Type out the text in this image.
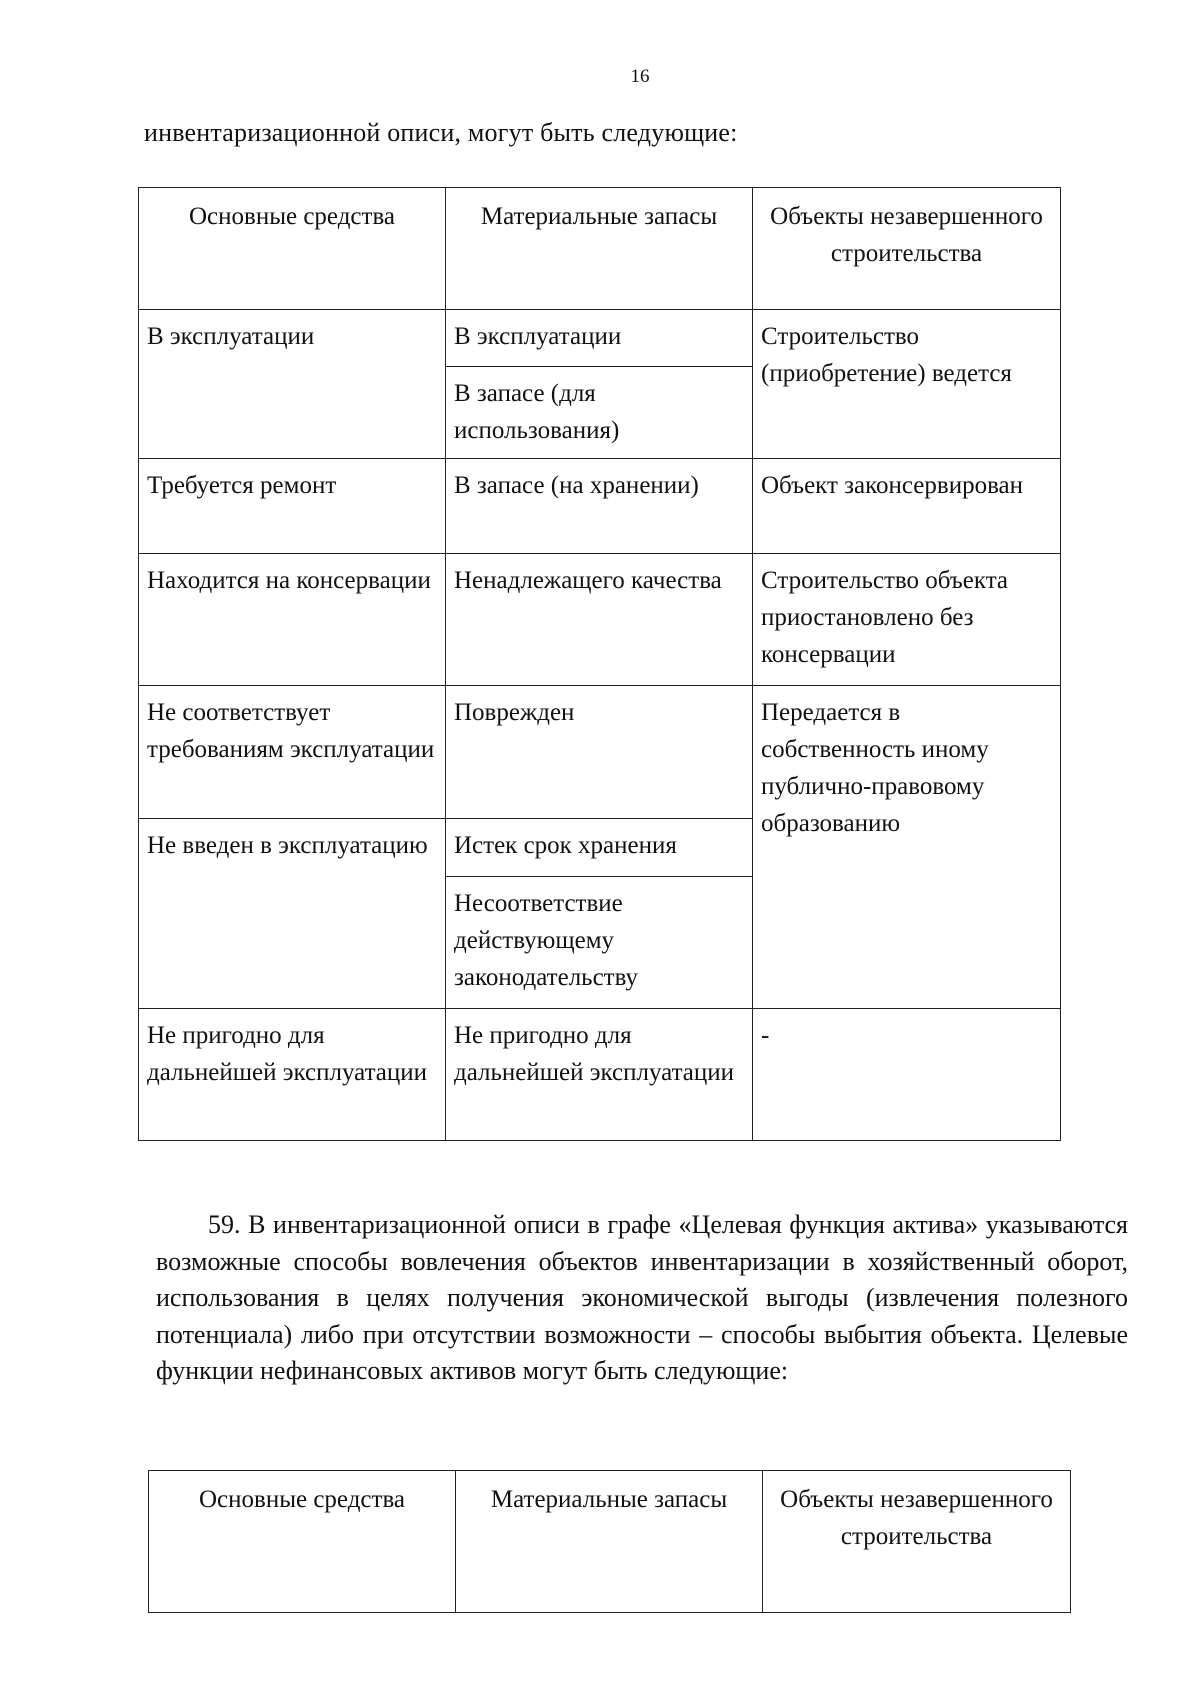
16
инвентаризационной описи, могут быть следующие:
Основные средства	Материальные запасы	Объекты незавершенного строительства
В эксплуатации	В эксплуатации	Строительство (приобретение) ведется
	В запасе (для использования)	
Требуется ремонт	В запасе (на хранении)	Объект законсервирован
Находится на консервации	Ненадлежащего качества	Строительство объекта приостановлено без консервации
Не соответствует требованиям эксплуатации	Поврежден	Передается в собственность иному публично-правовому образованию
Не введен в эксплуатацию	Истек срок хранения	
	Несоответствие действующему законодательству	
Не пригодно для дальнейшей эксплуатации	Не пригодно для дальнейшей эксплуатации	-
59. В инвентаризационной описи в графе «Целевая функция актива» указываются возможные способы вовлечения объектов инвентаризации в хозяйственный оборот, использования в целях получения экономической выгоды (извлечения полезного потенциала) либо при отсутствии возможности – способы выбытия объекта. Целевые функции нефинансовых активов могут быть следующие:
Основные средства	Материальные запасы	Объекты незавершенного строительства
